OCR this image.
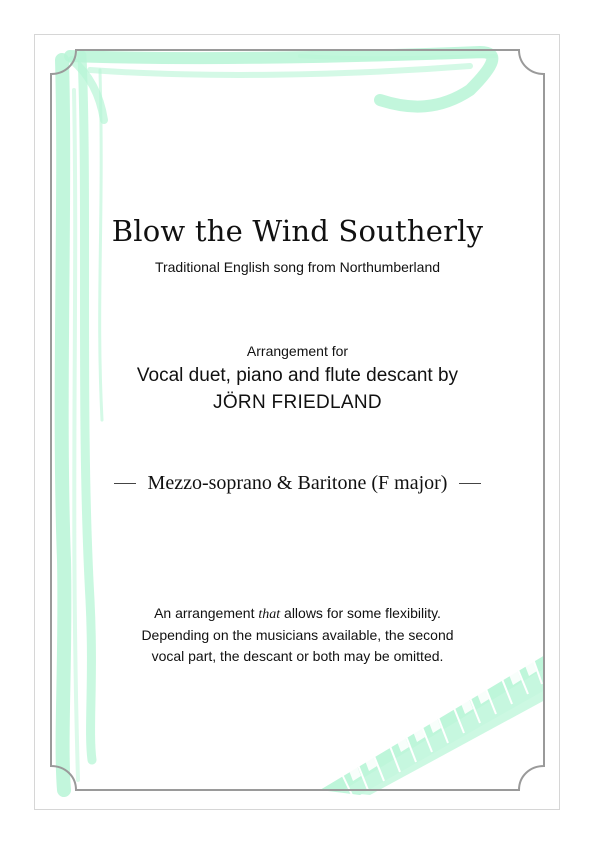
Blow the Wind Southerly
Traditional English song from Northumberland
Arrangement for
Vocal duet, piano and flute descant by
JÖRN FRIEDLAND
Mezzo-soprano & Baritone (F major)
An arrangement that allows for some flexibility.
Depending on the musicians available, the second
vocal part, the descant or both may be omitted.
